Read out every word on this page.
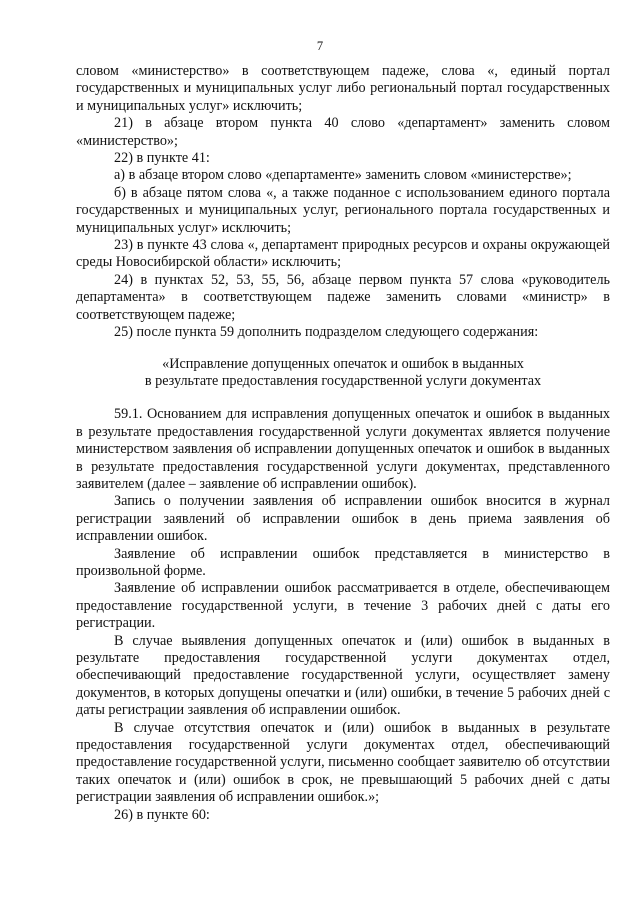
7

словом «министерство» в соответствующем падеже, слова «, единый портал государственных и муниципальных услуг либо региональный портал государственных и муниципальных услуг» исключить;

21) в абзаце втором пункта 40 слово «департамент» заменить словом «министерство»;

22) в пункте 41:

а) в абзаце втором слово «департаменте» заменить словом «министерстве»;

б) в абзаце пятом слова «, а также поданное с использованием единого портала государственных и муниципальных услуг, регионального портала государственных и муниципальных услуг» исключить;

23) в пункте 43 слова «, департамент природных ресурсов и охраны окружающей среды Новосибирской области» исключить;

24) в пунктах 52, 53, 55, 56, абзаце первом пункта 57 слова «руководитель департамента» в соответствующем падеже заменить словами «министр» в соответствующем падеже;

25) после пункта 59 дополнить подразделом следующего содержания:

«Исправление допущенных опечаток и ошибок в выданных
в результате предоставления государственной услуги документах

59.1. Основанием для исправления допущенных опечаток и ошибок в выданных в результате предоставления государственной услуги документах является получение министерством заявления об исправлении допущенных опечаток и ошибок в выданных в результате предоставления государственной услуги документах, представленного заявителем (далее – заявление об исправлении ошибок).

Запись о получении заявления об исправлении ошибок вносится в журнал регистрации заявлений об исправлении ошибок в день приема заявления об исправлении ошибок.

Заявление об исправлении ошибок представляется в министерство в произвольной форме.

Заявление об исправлении ошибок рассматривается в отделе, обеспечивающем предоставление государственной услуги, в течение 3 рабочих дней с даты его регистрации.

В случае выявления допущенных опечаток и (или) ошибок в выданных в результате предоставления государственной услуги документах отдел, обеспечивающий предоставление государственной услуги, осуществляет замену документов, в которых допущены опечатки и (или) ошибки, в течение 5 рабочих дней с даты регистрации заявления об исправлении ошибок.

В случае отсутствия опечаток и (или) ошибок в выданных в результате предоставления государственной услуги документах отдел, обеспечивающий предоставление государственной услуги, письменно сообщает заявителю об отсутствии таких опечаток и (или) ошибок в срок, не превышающий 5 рабочих дней с даты регистрации заявления об исправлении ошибок.»;

26) в пункте 60:
